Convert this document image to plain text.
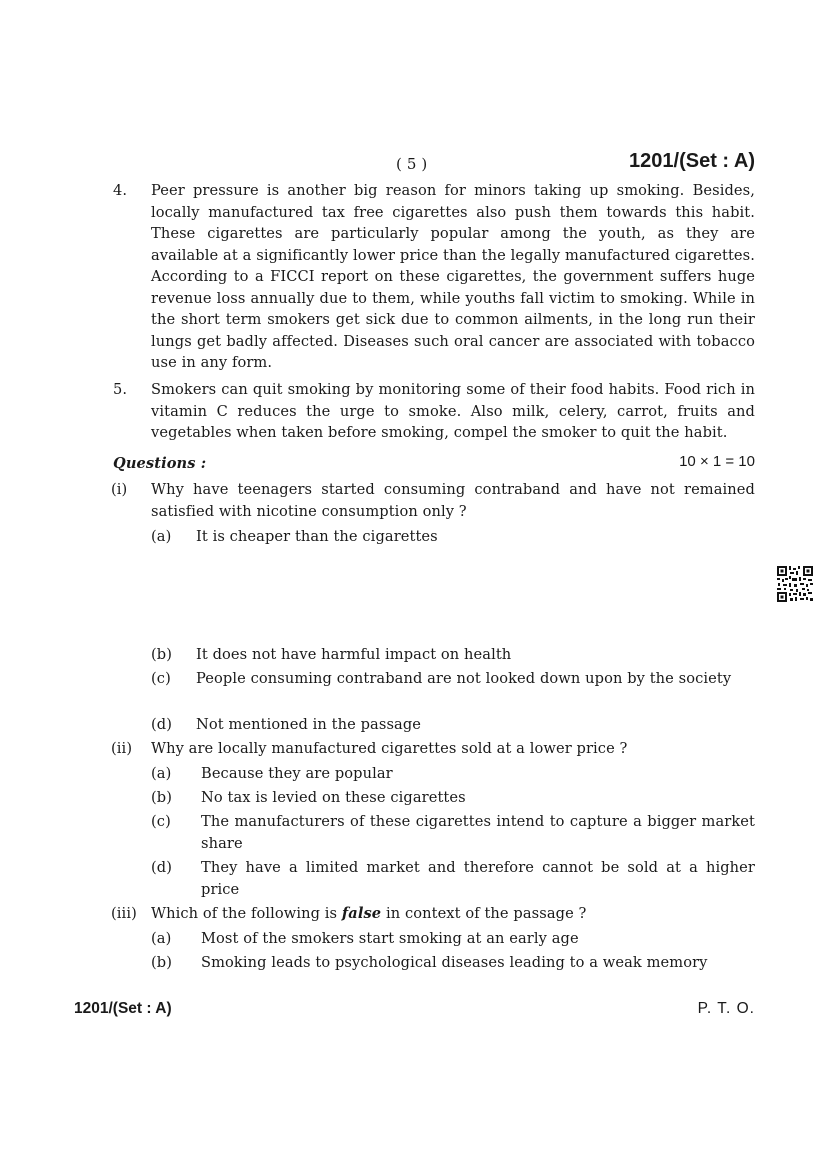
( 5 )	1201/(Set : A)
4.	Peer pressure is another big reason for minors taking up smoking. Besides, locally manufactured tax free cigarettes also push them towards this habit. These cigarettes are particularly popular among the youth, as they are available at a significantly lower price than the legally manufactured cigarettes. According to a FICCI report on these cigarettes, the government suffers huge revenue loss annually due to them, while youths fall victim to smoking. While in the short term smokers get sick due to common ailments, in the long run their lungs get badly affected. Diseases such oral cancer are associated with tobacco use in any form.
5.	Smokers can quit smoking by monitoring some of their food habits. Food rich in vitamin C reduces the urge to smoke. Also milk, celery, carrot, fruits and vegetables when taken before smoking, compel the smoker to quit the habit.
Questions :	10 × 1 = 10
(i) Why have teenagers started consuming contraband and have not remained satisfied with nicotine consumption only ?
(a) It is cheaper than the cigarettes
(b) It does not have harmful impact on health
(c) People consuming contraband are not looked down upon by the society
(d) Not mentioned in the passage
(ii) Why are locally manufactured cigarettes sold at a lower price ?
(a) Because they are popular
(b) No tax is levied on these cigarettes
(c) The manufacturers of these cigarettes intend to capture a bigger market share
(d) They have a limited market and therefore cannot be sold at a higher price
(iii) Which of the following is false in context of the passage ?
(a) Most of the smokers start smoking at an early age
(b) Smoking leads to psychological diseases leading to a weak memory
1201/(Set : A)	P. T. O.
